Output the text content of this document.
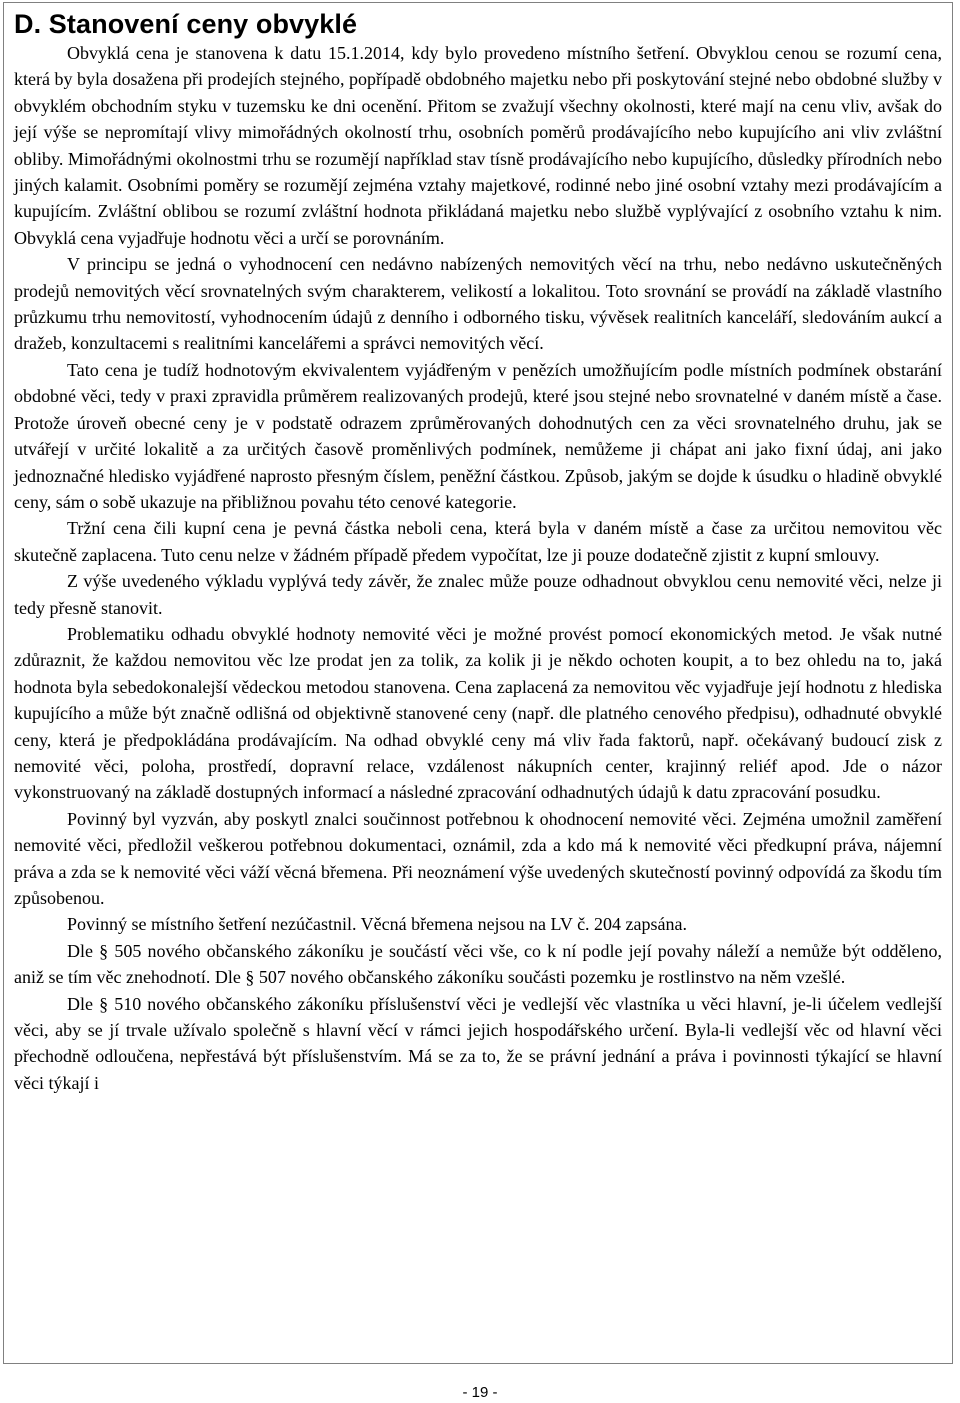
D. Stanovení ceny obvyklé

Obvyklá cena je stanovena k datu 15.1.2014, kdy bylo provedeno místního šetření. Obvyklou cenou se rozumí cena, která by byla dosažena při prodejích stejného, popřípadě obdobného majetku nebo při poskytování stejné nebo obdobné služby v obvyklém obchodním styku v tuzemsku ke dni ocenění. Přitom se zvažují všechny okolnosti, které mají na cenu vliv, avšak do její výše se nepromítají vlivy mimořádných okolností trhu, osobních poměrů prodávajícího nebo kupujícího ani vliv zvláštní obliby. Mimořádnými okolnostmi trhu se rozumějí například stav tísně prodávajícího nebo kupujícího, důsledky přírodních nebo jiných kalamit. Osobními poměry se rozumějí zejména vztahy majetkové, rodinné nebo jiné osobní vztahy mezi prodávajícím a kupujícím. Zvláštní oblibou se rozumí zvláštní hodnota přikládaná majetku nebo službě vyplývající z osobního vztahu k nim. Obvyklá cena vyjadřuje hodnotu věci a určí se porovnáním.

V principu se jedná o vyhodnocení cen nedávno nabízených nemovitých věcí na trhu, nebo nedávno uskutečněných prodejů nemovitých věcí srovnatelných svým charakterem, velikostí a lokalitou. Toto srovnání se provádí na základě vlastního průzkumu trhu nemovitostí, vyhodnocením údajů z denního i odborného tisku, vývěsek realitních kanceláří, sledováním aukcí a dražeb, konzultacemi s realitními kancelářemi a správci nemovitých věcí.

Tato cena je tudíž hodnotovým ekvivalentem vyjádřeným v penězích umožňujícím podle místních podmínek obstarání obdobné věci, tedy v praxi zpravidla průměrem realizovaných prodejů, které jsou stejné nebo srovnatelné v daném místě a čase. Protože úroveň obecné ceny je v podstatě odrazem zprůměrovaných dohodnutých cen za věci srovnatelného druhu, jak se utvářejí v určité lokalitě a za určitých časově proměnlivých podmínek, nemůžeme ji chápat ani jako fixní údaj, ani jako jednoznačné hledisko vyjádřené naprosto přesným číslem, peněžní částkou. Způsob, jakým se dojde k úsudku o hladině obvyklé ceny, sám o sobě ukazuje na přibližnou povahu této cenové kategorie.

Tržní cena čili kupní cena je pevná částka neboli cena, která byla v daném místě a čase za určitou nemovitou věc skutečně zaplacena. Tuto cenu nelze v žádném případě předem vypočítat, lze ji pouze dodatečně zjistit z kupní smlouvy.

Z výše uvedeného výkladu vyplývá tedy závěr, že znalec může pouze odhadnout obvyklou cenu nemovité věci, nelze ji tedy přesně stanovit.

Problematiku odhadu obvyklé hodnoty nemovité věci je možné provést pomocí ekonomických metod. Je však nutné zdůraznit, že každou nemovitou věc lze prodat jen za tolik, za kolik ji je někdo ochoten koupit, a to bez ohledu na to, jaká hodnota byla sebedokonalejší vědeckou metodou stanovena. Cena zaplacená za nemovitou věc vyjadřuje její hodnotu z hlediska kupujícího a může být značně odlišná od objektivně stanovené ceny (např. dle platného cenového předpisu), odhadnuté obvyklé ceny, která je předpokládána prodávajícím. Na odhad obvyklé ceny má vliv řada faktorů, např. očekávaný budoucí zisk z nemovité věci, poloha, prostředí, dopravní relace, vzdálenost nákupních center, krajinný reliéf apod. Jde o názor vykonstruovaný na základě dostupných informací a následné zpracování odhadnutých údajů k datu zpracování posudku.

Povinný byl vyzván, aby poskytl znalci součinnost potřebnou k ohodnocení nemovité věci. Zejména umožnil zaměření nemovité věci, předložil veškerou potřebnou dokumentaci, oznámil, zda a kdo má k nemovité věci předkupní práva, nájemní práva a zda se k nemovité věci váží věcná břemena. Při neoznámení výše uvedených skutečností povinný odpovídá za škodu tím způsobenou.

Povinný se místního šetření nezúčastnil. Věcná břemena nejsou na LV č. 204 zapsána.

Dle § 505 nového občanského zákoníku je součástí věci vše, co k ní podle její povahy náleží a nemůže být odděleno, aniž se tím věc znehodnotí. Dle § 507 nového občanského zákoníku součásti pozemku je rostlinstvo na něm vzešlé.

Dle § 510 nového občanského zákoníku příslušenství věci je vedlejší věc vlastníka u věci hlavní, je-li účelem vedlejší věci, aby se jí trvale užívalo společně s hlavní věcí v rámci jejich hospodářského určení. Byla-li vedlejší věc od hlavní věci přechodně odloučena, nepřestává být příslušenstvím. Má se za to, že se právní jednání a práva i povinnosti týkající se hlavní věci týkají i

- 19 -
